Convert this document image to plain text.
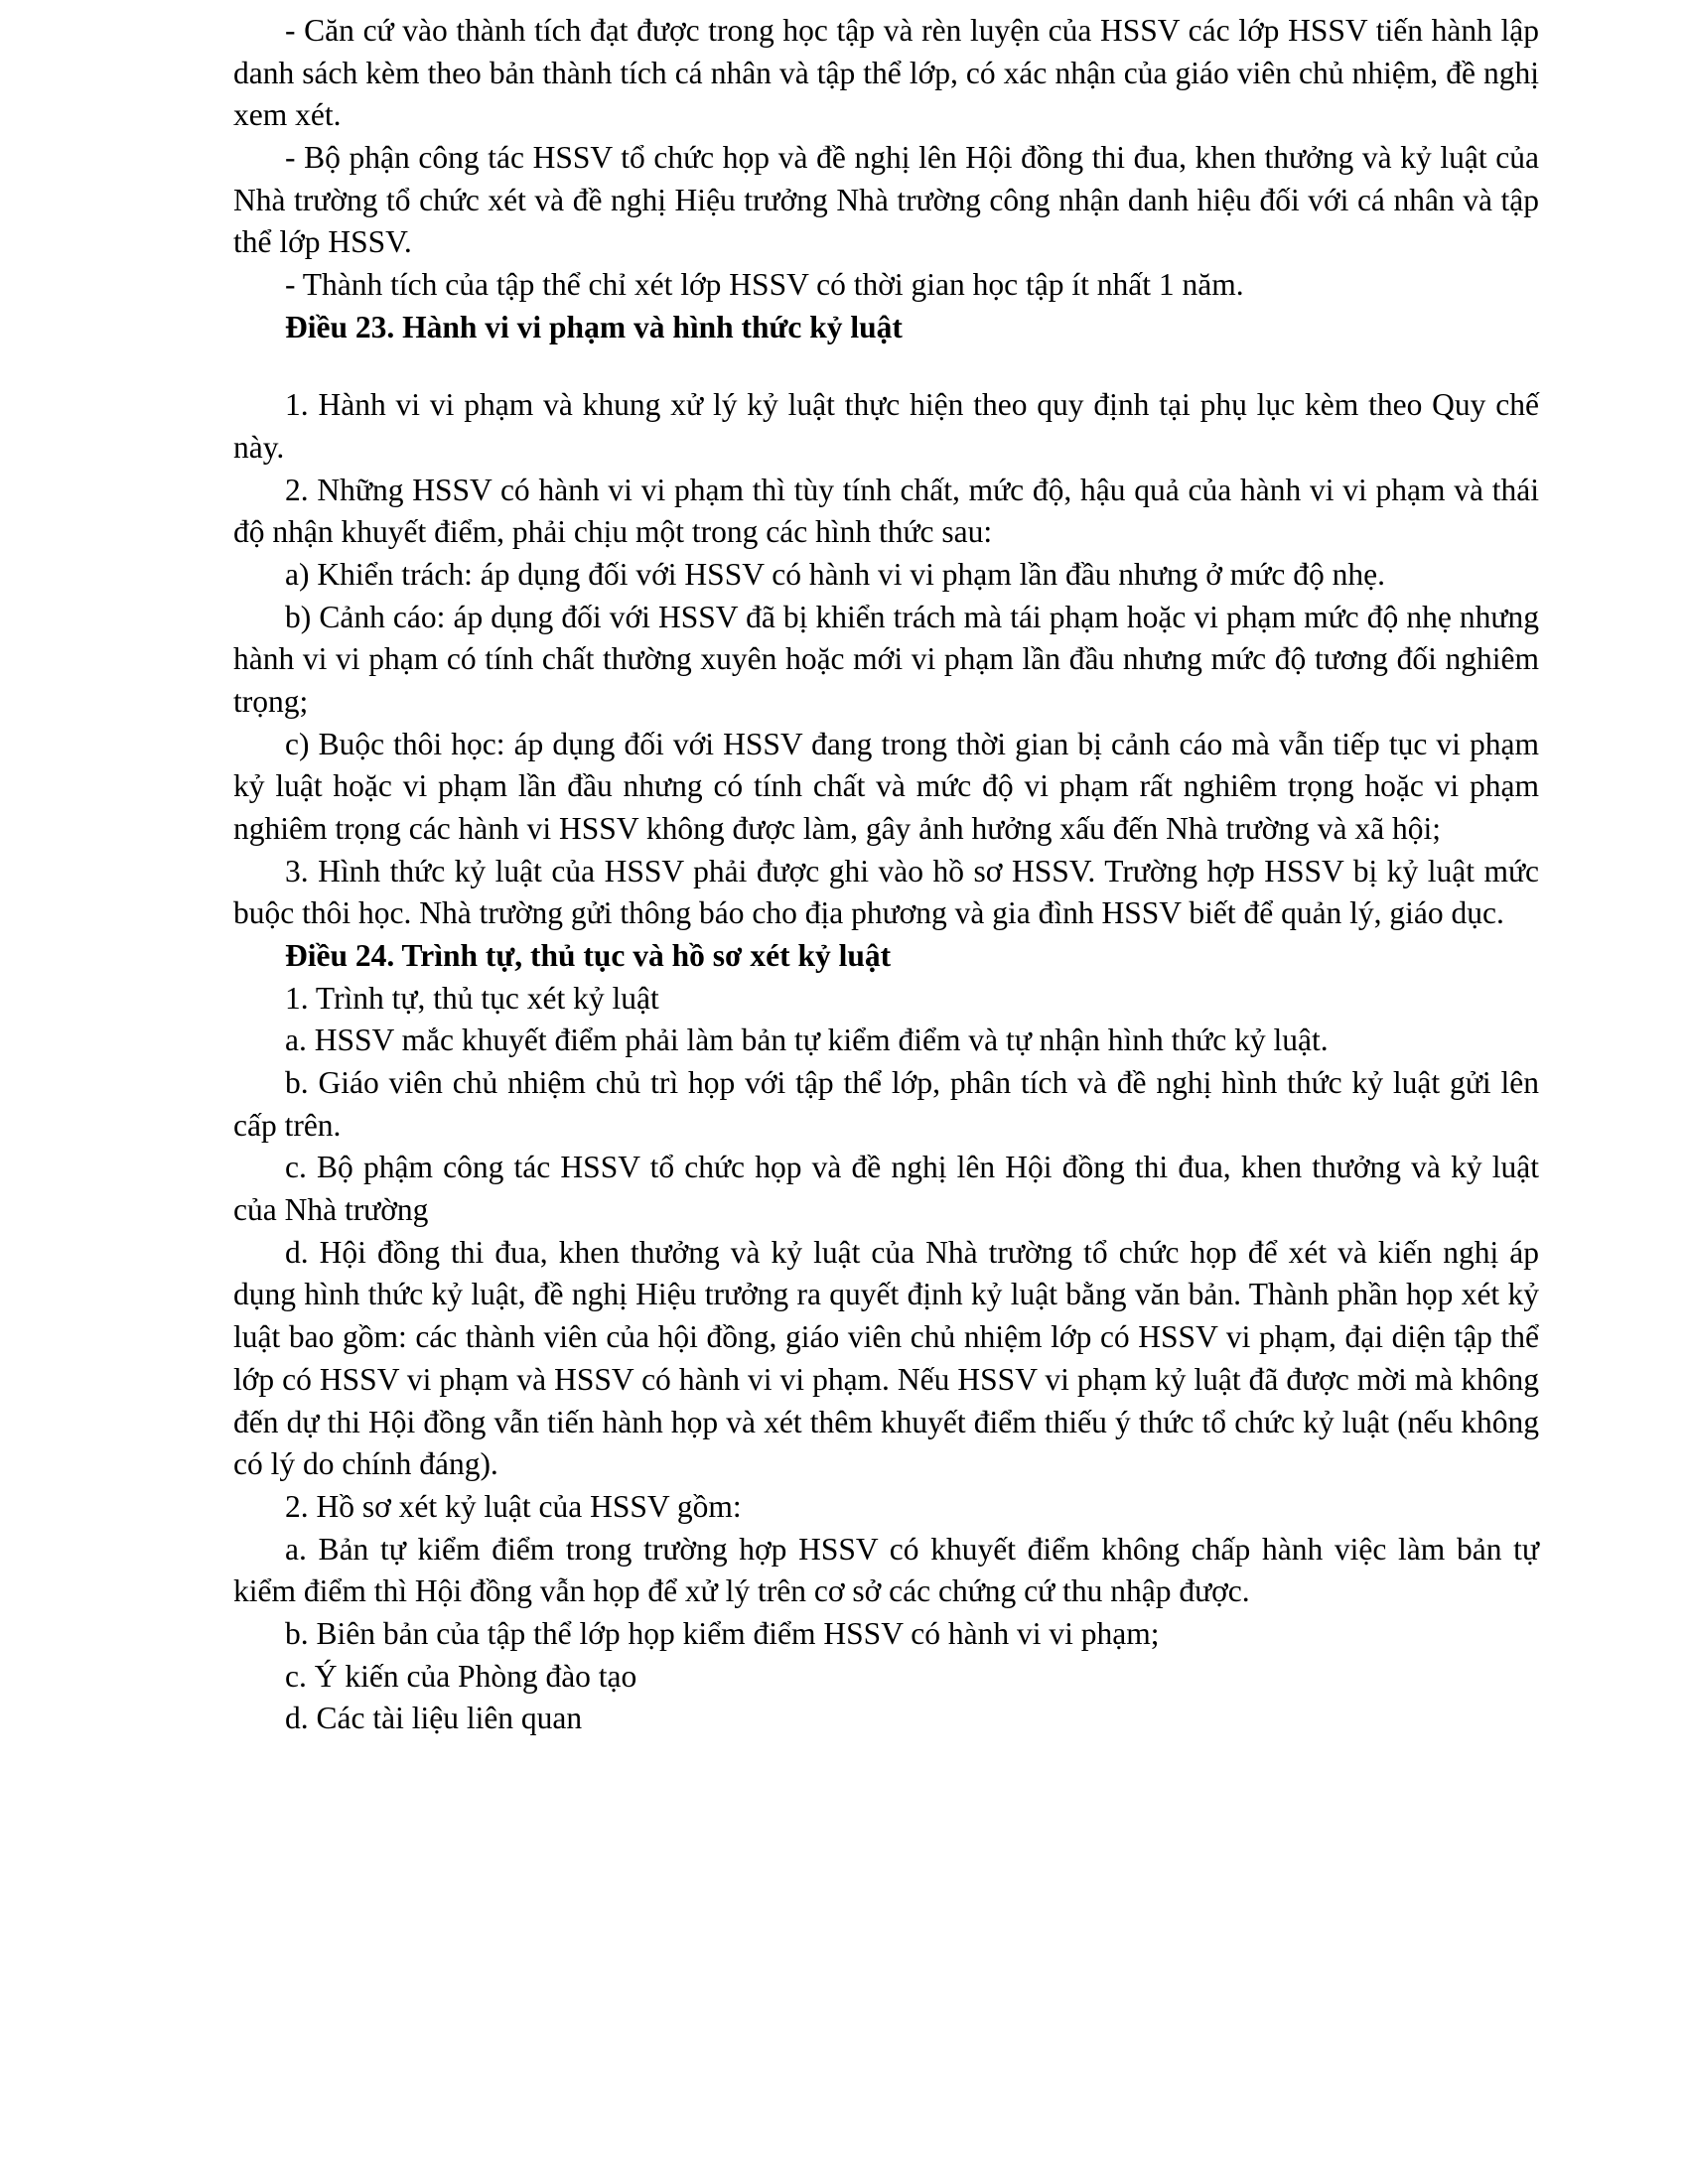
- Căn cứ vào thành tích đạt được trong học tập và rèn luyện của HSSV các lớp HSSV tiến hành lập danh sách kèm theo bản thành tích cá nhân và tập thể lớp, có xác nhận của giáo viên chủ nhiệm, đề nghị xem xét.

- Bộ phận công tác HSSV tổ chức họp và đề nghị lên Hội đồng thi đua, khen thưởng và kỷ luật của Nhà trường tổ chức xét và đề nghị Hiệu trưởng Nhà trường công nhận danh hiệu đối với cá nhân và tập thể lớp HSSV.

- Thành tích của tập thể chỉ xét lớp HSSV có thời gian học tập ít nhất 1 năm.

Điều 23. Hành vi vi phạm và hình thức kỷ luật

1. Hành vi vi phạm và khung xử lý kỷ luật thực hiện theo quy định tại phụ lục kèm theo Quy chế này.

2. Những HSSV có hành vi vi phạm thì tùy tính chất, mức độ, hậu quả của hành vi vi phạm và thái độ nhận khuyết điểm, phải chịu một trong các hình thức sau:

a) Khiển trách: áp dụng đối với HSSV có hành vi vi phạm lần đầu nhưng ở mức độ nhẹ.

b) Cảnh cáo: áp dụng đối với HSSV đã bị khiển trách mà tái phạm hoặc vi phạm mức độ nhẹ nhưng hành vi vi phạm có tính chất thường xuyên hoặc mới vi phạm lần đầu nhưng mức độ tương đối nghiêm trọng;

c) Buộc thôi học: áp dụng đối với HSSV đang trong thời gian bị cảnh cáo mà vẫn tiếp tục vi phạm kỷ luật hoặc vi phạm lần đầu nhưng có tính chất và mức độ vi phạm rất nghiêm trọng hoặc vi phạm nghiêm trọng các hành vi HSSV không được làm, gây ảnh hưởng xấu đến Nhà trường và xã hội;

3. Hình thức kỷ luật của HSSV phải được ghi vào hồ sơ HSSV. Trường hợp HSSV bị kỷ luật mức buộc thôi học. Nhà trường gửi thông báo cho địa phương và gia đình HSSV biết để quản lý, giáo dục.

Điều 24. Trình tự, thủ tục và hồ sơ xét kỷ luật

1. Trình tự, thủ tục xét kỷ luật

a. HSSV mắc khuyết điểm phải làm bản tự kiểm điểm và tự nhận hình thức kỷ luật.

b. Giáo viên chủ nhiệm chủ trì họp với tập thể lớp, phân tích và đề nghị hình thức kỷ luật gửi lên cấp trên.

c. Bộ phậm công tác HSSV tổ chức họp và đề nghị lên Hội đồng thi đua, khen thưởng và kỷ luật của Nhà trường

d. Hội đồng thi đua, khen thưởng và kỷ luật của Nhà trường tổ chức họp để xét và kiến nghị áp dụng hình thức kỷ luật, đề nghị Hiệu trưởng ra quyết định kỷ luật bằng văn bản. Thành phần họp xét kỷ luật bao gồm: các thành viên của hội đồng, giáo viên chủ nhiệm lớp có HSSV vi phạm, đại diện tập thể lớp có HSSV vi phạm và HSSV có hành vi vi phạm. Nếu HSSV vi phạm kỷ luật đã được mời mà không đến dự thi Hội đồng vẫn tiến hành họp và xét thêm khuyết điểm thiếu ý thức tổ chức kỷ luật (nếu không có lý do chính đáng).

2. Hồ sơ xét kỷ luật của HSSV gồm:

a. Bản tự kiểm điểm trong trường hợp HSSV có khuyết điểm không chấp hành việc làm bản tự kiểm điểm thì Hội đồng vẫn họp để xử lý trên cơ sở các chứng cứ thu nhập được.

b. Biên bản của tập thể lớp họp kiểm điểm HSSV có hành vi vi phạm;

c. Ý kiến của Phòng đào tạo

d. Các tài liệu liên quan
